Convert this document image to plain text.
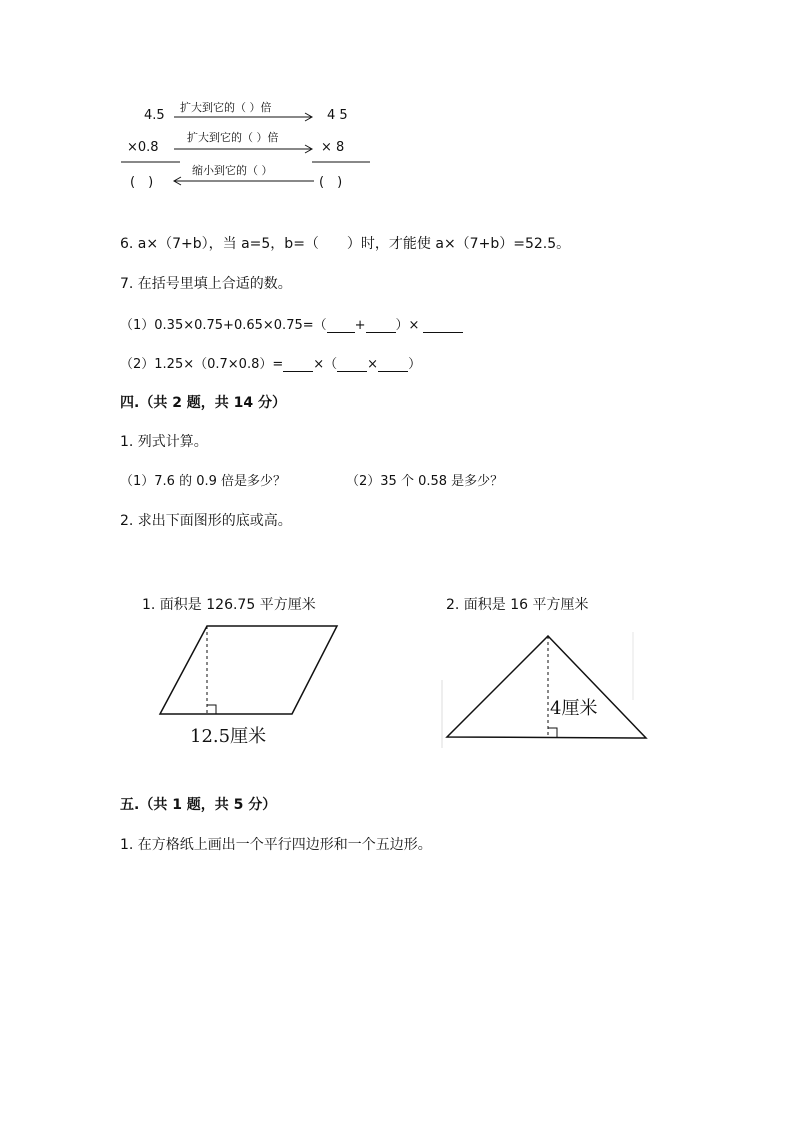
4.5
×0.8
(　)
4 5
× 8
(　)
扩大到它的（ ）倍
扩大到它的（ ）倍
缩小到它的（ ）
6. a×（7+b），当 a=5，b=（　　）时，才能使 a×（7+b）=52.5。
7. 在括号里填上合适的数。
（1）0.35×0.75+0.65×0.75=（ + ）×
（2）1.25×（0.7×0.8）= ×（ × ）
四.（共 2 题，共 14 分）
1. 列式计算。
（1）7.6 的 0.9 倍是多少？	（2）35 个 0.58 是多少？
2. 求出下面图形的底或高。
1. 面积是 126.75 平方厘米	2. 面积是 16 平方厘米
12.5厘米
4厘米
五.（共 1 题，共 5 分）
1. 在方格纸上画出一个平行四边形和一个五边形。
